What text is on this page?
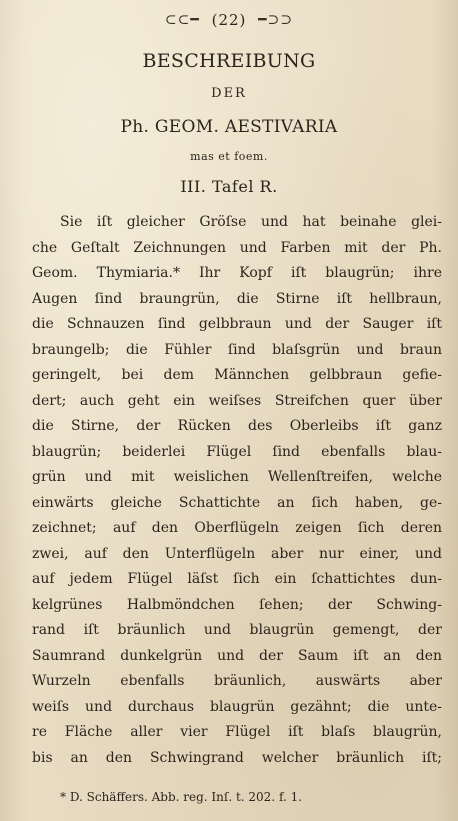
⊂⊂━ (22) ━⊃⊃
BESCHREIBUNG
DER
Ph. GEOM. AESTIVARIA
mas et foem.
III. Tafel R.
Sie iſt gleicher Gröſse und hat beinahe glei-
che Geſtalt Zeichnungen und Farben mit der Ph.
Geom. Thymiaria.* Ihr Kopf iſt blaugrün; ihre
Augen ſind braungrün, die Stirne iſt hellbraun,
die Schnauzen ſind gelbbraun und der Sauger iſt
braungelb; die Fühler ſind blaſsgrün und braun
geringelt, bei dem Männchen gelbbraun gefie-
dert; auch geht ein weiſses Streifchen quer über
die Stirne, der Rücken des Oberleibs iſt ganz
blaugrün; beiderlei Flügel ſind ebenfalls blau-
grün und mit weislichen Wellenſtreifen, welche
einwärts gleiche Schattichte an ſich haben, ge-
zeichnet; auf den Oberflügeln zeigen ſich deren
zwei, auf den Unterflügeln aber nur einer, und
auf jedem Flügel läſst ſich ein ſchattichtes dun-
kelgrünes Halbmöndchen ſehen; der Schwing-
rand iſt bräunlich und blaugrün gemengt, der
Saumrand dunkelgrün und der Saum iſt an den
Wurzeln ebenfalls bräunlich, auswärts aber
weiſs und durchaus blaugrün gezähnt; die unte-
re Fläche aller vier Flügel iſt blaſs blaugrün,
bis an den Schwingrand welcher bräunlich iſt;
* D. Schäffers. Abb. reg. Inſ. t. 202. f. 1.
